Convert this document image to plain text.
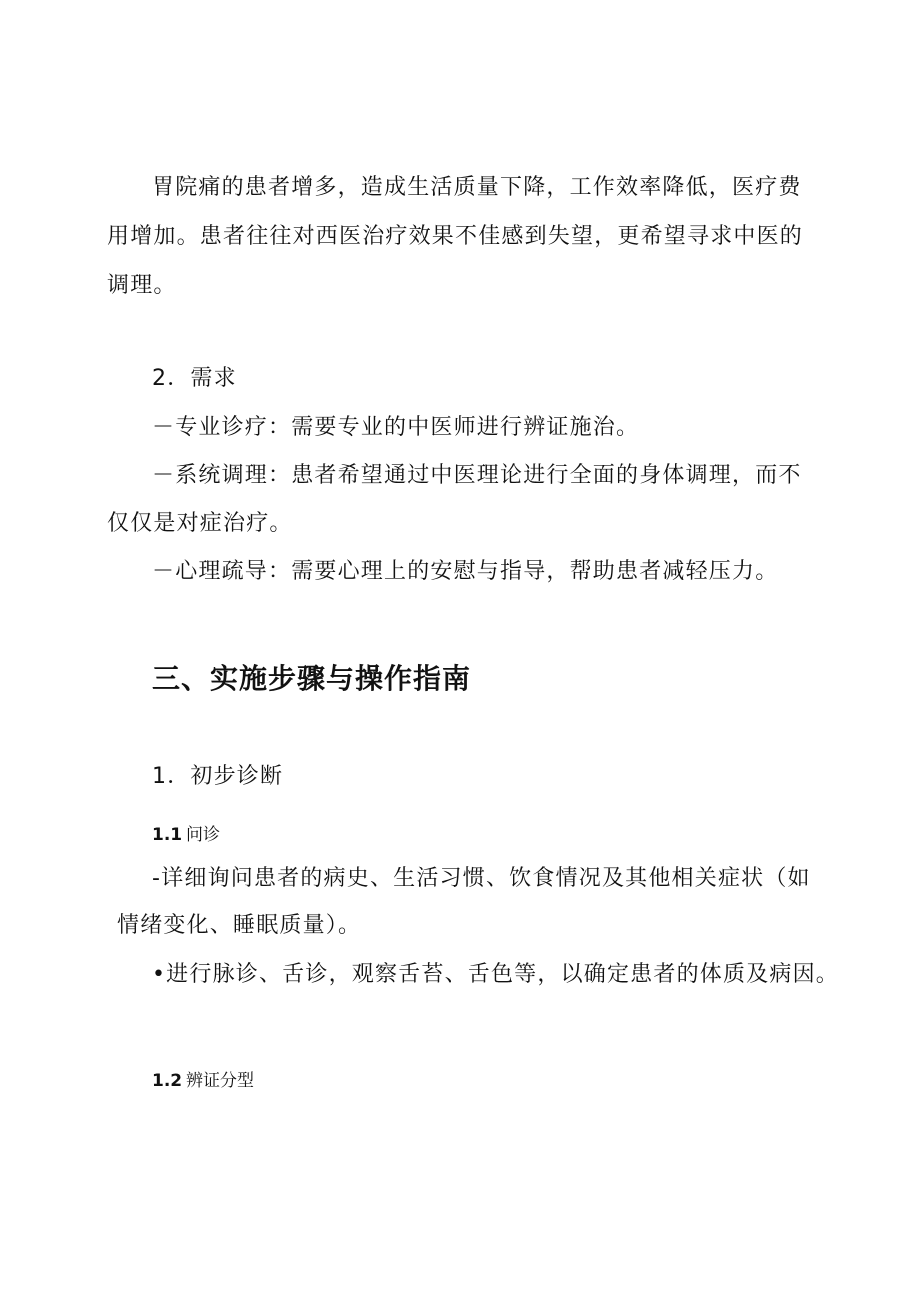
胃院痛的患者增多，造成生活质量下降，工作效率降低，医疗费

用增加。患者往往对西医治疗效果不佳感到失望，更希望寻求中医的

调理。

2．需求

－专业诊疗：需要专业的中医师进行辨证施治。

－系统调理：患者希望通过中医理论进行全面的身体调理，而不

仅仅是对症治疗。

－心理疏导：需要心理上的安慰与指导，帮助患者减轻压力。

三、实施步骤与操作指南

1．初步诊断

1.1 问诊

-详细询问患者的病史、生活习惯、饮食情况及其他相关症状（如

情绪变化、睡眠质量）。

•进行脉诊、舌诊，观察舌苔、舌色等，以确定患者的体质及病因。

1.2 辨证分型
